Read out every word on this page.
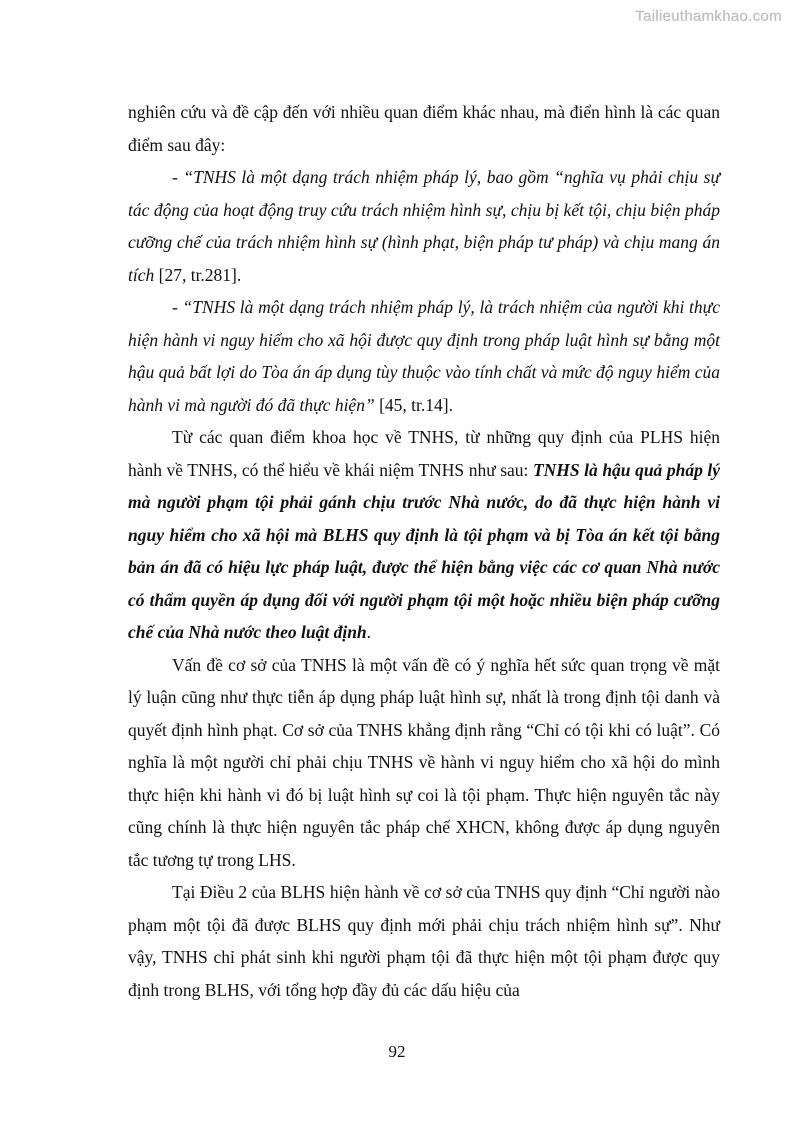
Tailieuthamkhao.com

nghiên cứu và đề cập đến với nhiều quan điểm khác nhau, mà điển hình là các quan điểm sau đây:

- “TNHS là một dạng trách nhiệm pháp lý, bao gồm “nghĩa vụ phải chịu sự tác động của hoạt động truy cứu trách nhiệm hình sự, chịu bị kết tội, chịu biện pháp cưỡng chế của trách nhiệm hình sự (hình phạt, biện pháp tư pháp) và chịu mang án tích [27, tr.281].

- “TNHS là một dạng trách nhiệm pháp lý, là trách nhiệm của người khi thực hiện hành vi nguy hiểm cho xã hội được quy định trong pháp luật hình sự bằng một hậu quả bất lợi do Tòa án áp dụng tùy thuộc vào tính chất và mức độ nguy hiểm của hành vi mà người đó đã thực hiện” [45, tr.14].

Từ các quan điểm khoa học về TNHS, từ những quy định của PLHS hiện hành về TNHS, có thể hiểu về khái niệm TNHS như sau: TNHS là hậu quả pháp lý mà người phạm tội phải gánh chịu trước Nhà nước, do đã thực hiện hành vi nguy hiểm cho xã hội mà BLHS quy định là tội phạm và bị Tòa án kết tội bằng bản án đã có hiệu lực pháp luật, được thể hiện bằng việc các cơ quan Nhà nước có thẩm quyền áp dụng đối với người phạm tội một hoặc nhiều biện pháp cưỡng chế của Nhà nước theo luật định.

Vấn đề cơ sở của TNHS là một vấn đề có ý nghĩa hết sức quan trọng về mặt lý luận cũng như thực tiễn áp dụng pháp luật hình sự, nhất là trong định tội danh và quyết định hình phạt. Cơ sở của TNHS khẳng định rằng “Chỉ có tội khi có luật”. Có nghĩa là một người chỉ phải chịu TNHS về hành vi nguy hiểm cho xã hội do mình thực hiện khi hành vi đó bị luật hình sự coi là tội phạm. Thực hiện nguyên tắc này cũng chính là thực hiện nguyên tắc pháp chế XHCN, không được áp dụng nguyên tắc tương tự trong LHS.

Tại Điều 2 của BLHS hiện hành về cơ sở của TNHS quy định “Chỉ người nào phạm một tội đã được BLHS quy định mới phải chịu trách nhiệm hình sự”. Như vậy, TNHS chỉ phát sinh khi người phạm tội đã thực hiện một tội phạm được quy định trong BLHS, với tổng hợp đầy đủ các dấu hiệu của

92
